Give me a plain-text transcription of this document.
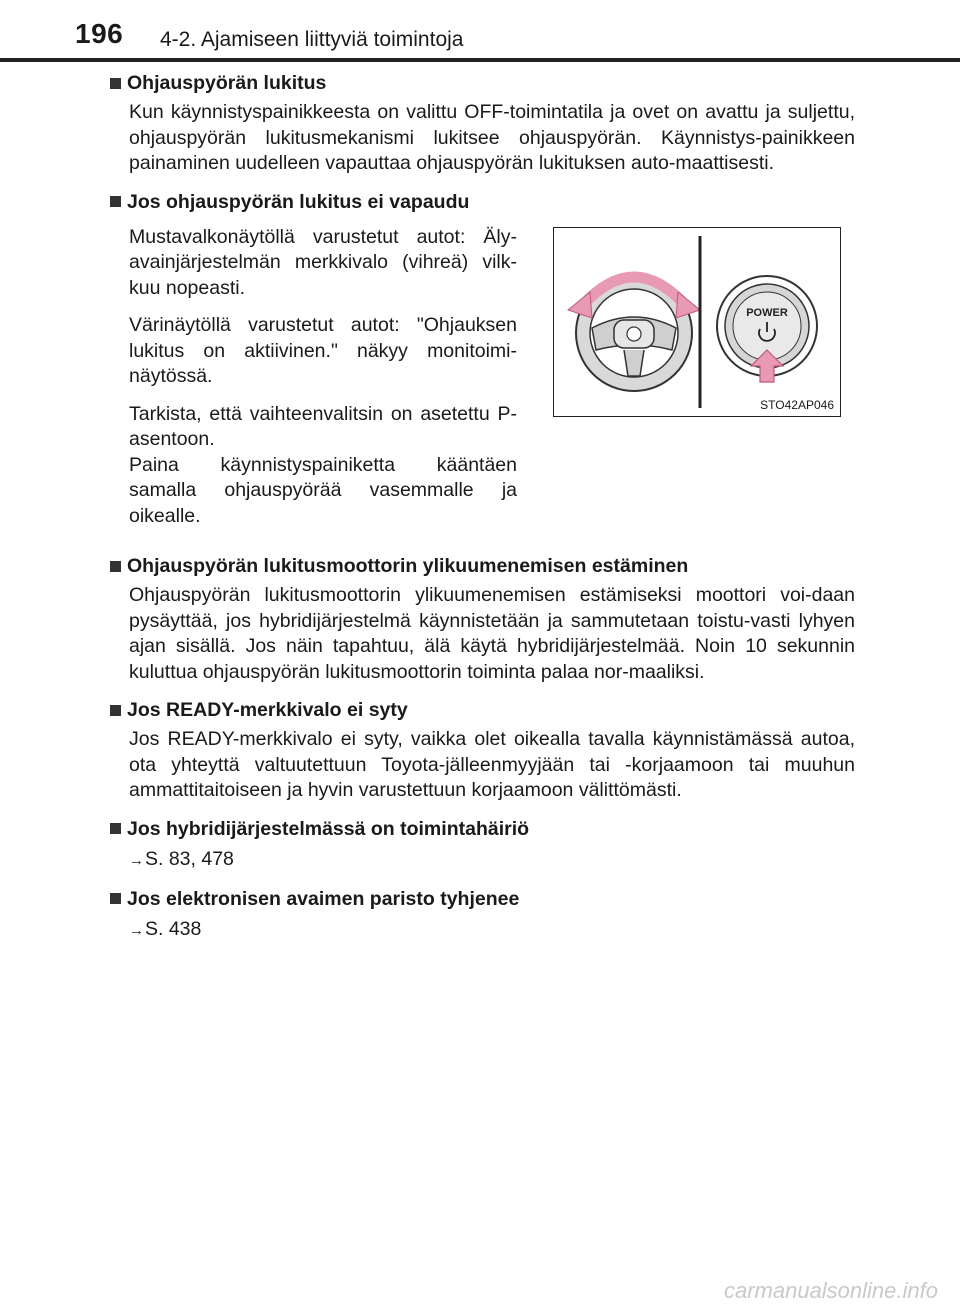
196 4-2. Ajamiseen liittyviä toimintoja
Ohjauspyörän lukitus
Kun käynnistyspainikkeesta on valittu OFF-toimintatila ja ovet on avattu ja suljettu, ohjauspyörän lukitusmekanismi lukitsee ohjauspyörän. Käynnistys-painikkeen painaminen uudelleen vapauttaa ohjauspyörän lukituksen auto-maattisesti.
Jos ohjauspyörän lukitus ei vapaudu
Mustavalkonäytöllä varustetut autot: Äly-avainjärjestelmän merkkivalo (vihreä) vilk-kuu nopeasti.
Värinäytöllä varustetut autot: "Ohjauksen lukitus on aktiivinen." näkyy monitoimi-näytössä.
Tarkista, että vaihteenvalitsin on asetettu P-asentoon.
Paina käynnistyspainiketta kääntäen samalla ohjauspyörää vasemmalle ja oikealle.
POWER
STO42AP046
Ohjauspyörän lukitusmoottorin ylikuumenemisen estäminen
Ohjauspyörän lukitusmoottorin ylikuumenemisen estämiseksi moottori voi-daan pysäyttää, jos hybridijärjestelmä käynnistetään ja sammutetaan toistu-vasti lyhyen ajan sisällä. Jos näin tapahtuu, älä käytä hybridijärjestelmää. Noin 10 sekunnin kuluttua ohjauspyörän lukitusmoottorin toiminta palaa nor-maaliksi.
Jos READY-merkkivalo ei syty
Jos READY-merkkivalo ei syty, vaikka olet oikealla tavalla käynnistämässä autoa, ota yhteyttä valtuutettuun Toyota-jälleenmyyjään tai -korjaamoon tai muuhun ammattitaitoiseen ja hyvin varustettuun korjaamoon välittömästi.
Jos hybridijärjestelmässä on toimintahäiriö
→S. 83, 478
Jos elektronisen avaimen paristo tyhjenee
→S. 438
carmanualsonline.info
